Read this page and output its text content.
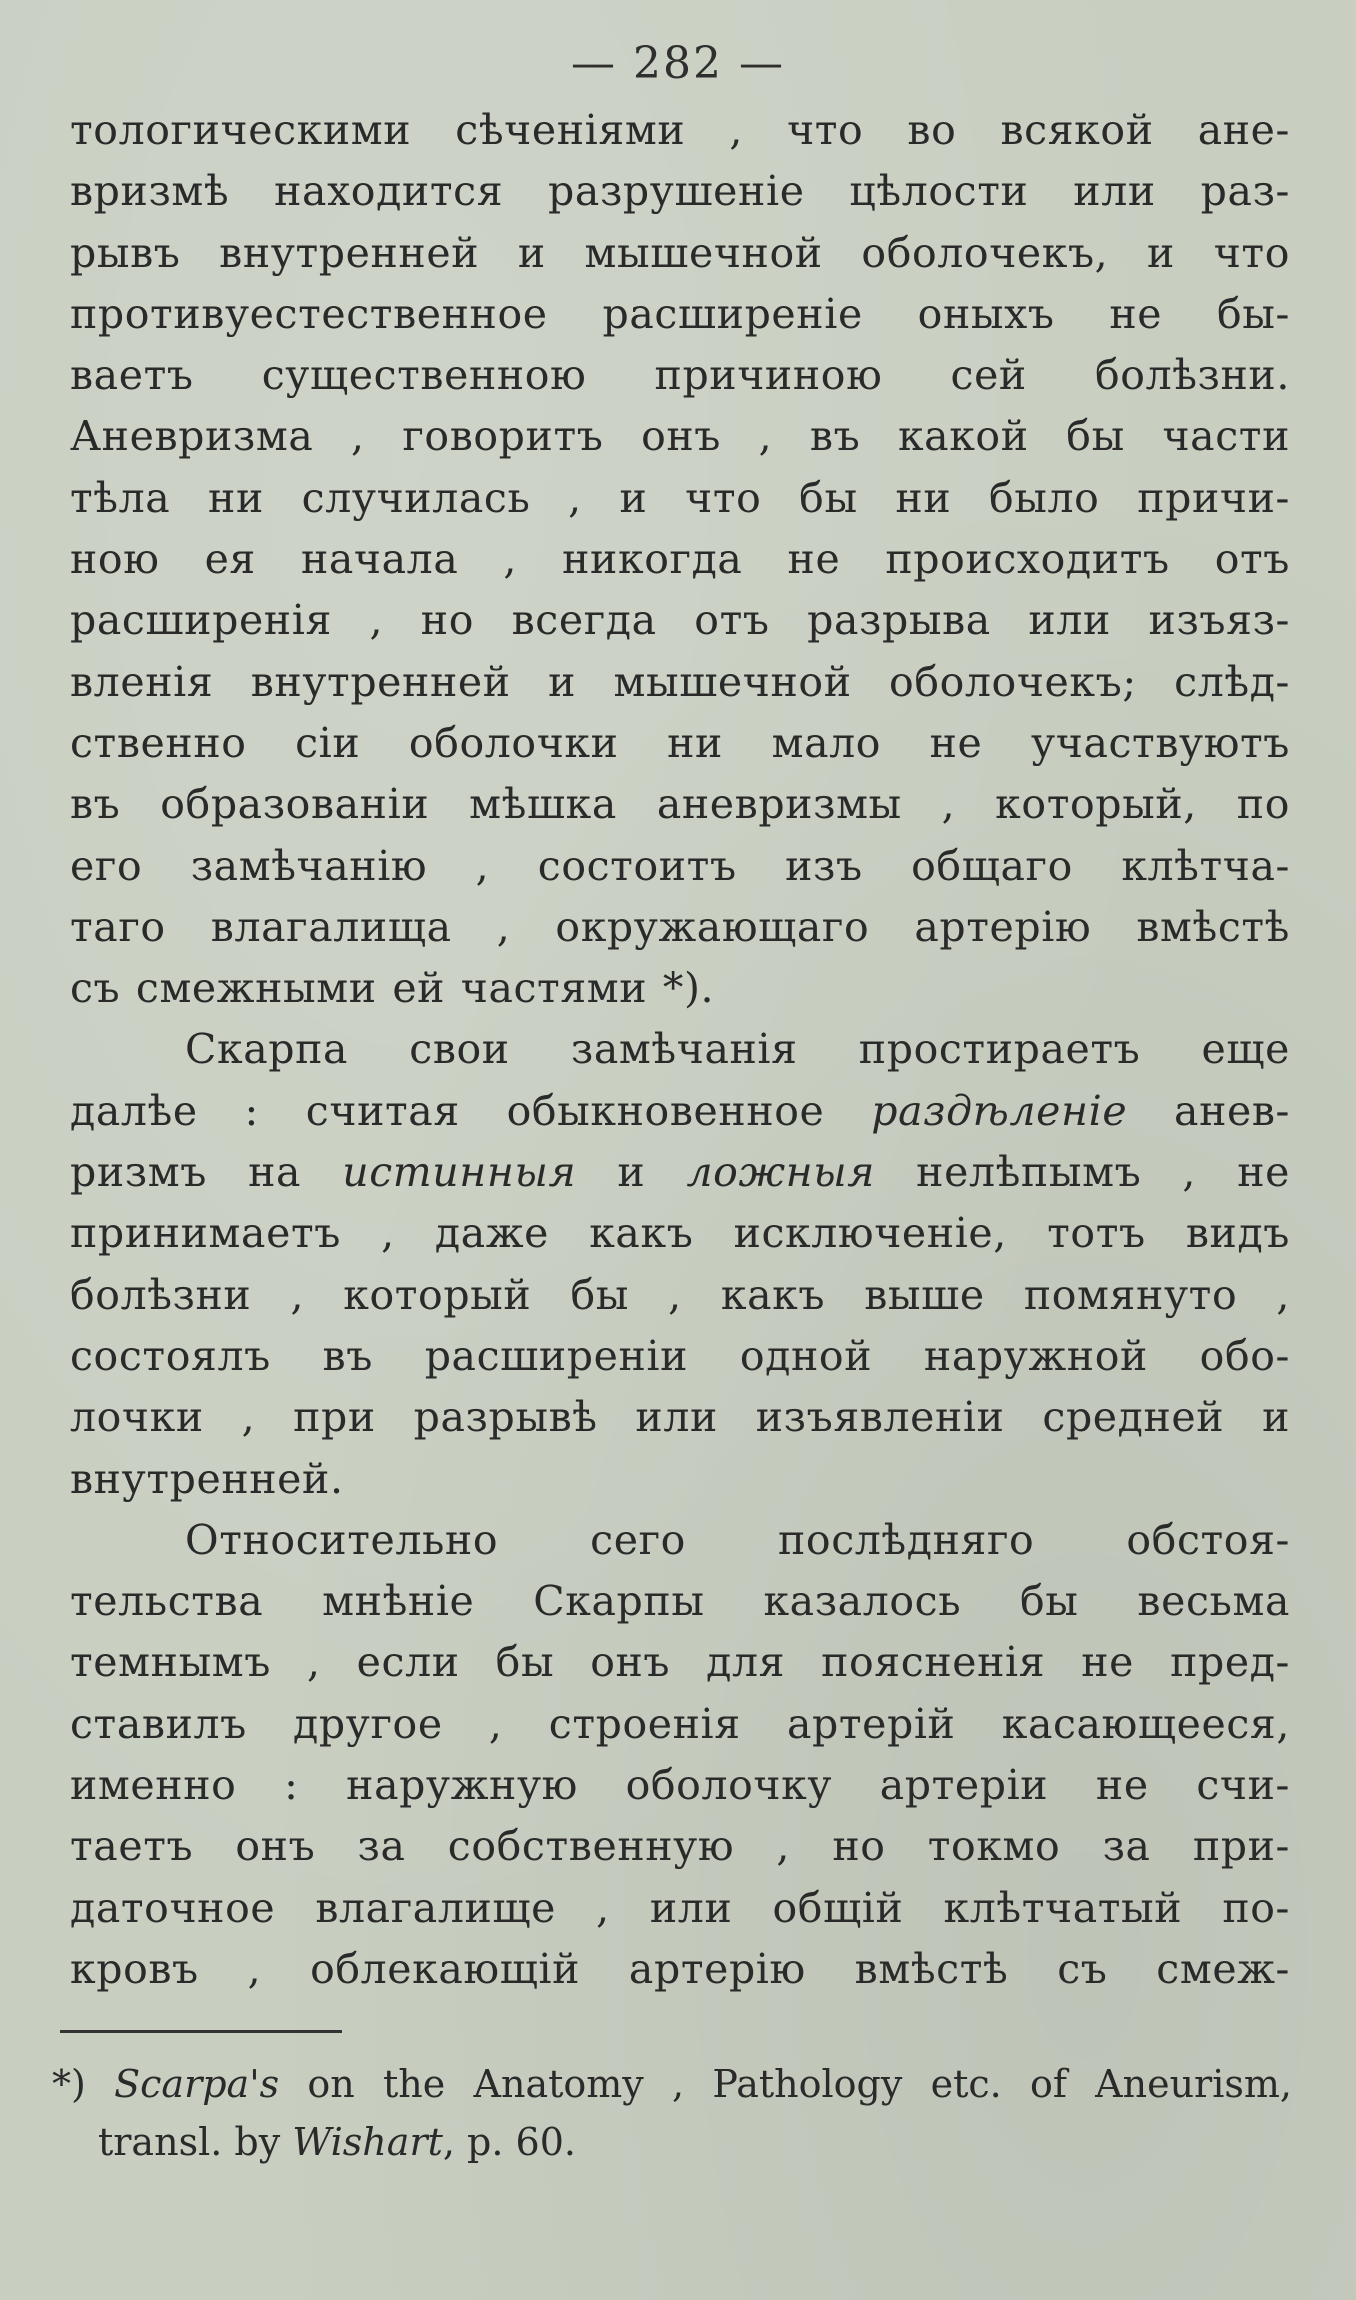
— 282 —
тологическими сѣченіями , что во всякой ане-
вризмѣ находится разрушеніе цѣлости или раз-
рывъ внутренней и мышечной оболочекъ, и что
противуестественное расширеніе оныхъ не бы-
ваетъ существенною причиною сей болѣзни.
Аневризма , говоритъ онъ , въ какой бы части
тѣла ни случилась , и что бы ни было причи-
ною ея начала , никогда не происходитъ отъ
расширенія , но всегда отъ разрыва или изъяз-
вленія внутренней и мышечной оболочекъ; слѣд-
ственно сіи оболочки ни мало не участвуютъ
въ образованіи мѣшка аневризмы , который, по
его замѣчанію , состоитъ изъ общаго клѣтча-
таго влагалища , окружающаго артерію вмѣстѣ
съ смежными ей частями *).
Скарпа свои замѣчанія простираетъ еще
далѣе : считая обыкновенное раздѣленіе анев-
ризмъ на истинныя и ложныя нелѣпымъ , не
принимаетъ , даже какъ исключеніе, тотъ видъ
болѣзни , который бы , какъ выше помянуто ,
состоялъ въ расширеніи одной наружной обо-
лочки , при разрывѣ или изъявленіи средней и
внутренней.
Относительно сего послѣдняго обстоя-
тельства мнѣніе Скарпы казалось бы весьма
темнымъ , если бы онъ для поясненія не пред-
ставилъ другое , строенія артерій касающееся,
именно : наружную оболочку артеріи не счи-
таетъ онъ за собственную , но токмо за при-
даточное влагалище , или общій клѣтчатый по-
кровъ , облекающій артерію вмѣстѣ съ смеж-
*) Scarpa's on the Anatomy , Pathology etc. of Aneurism,
transl. by Wishart, p. 60.
